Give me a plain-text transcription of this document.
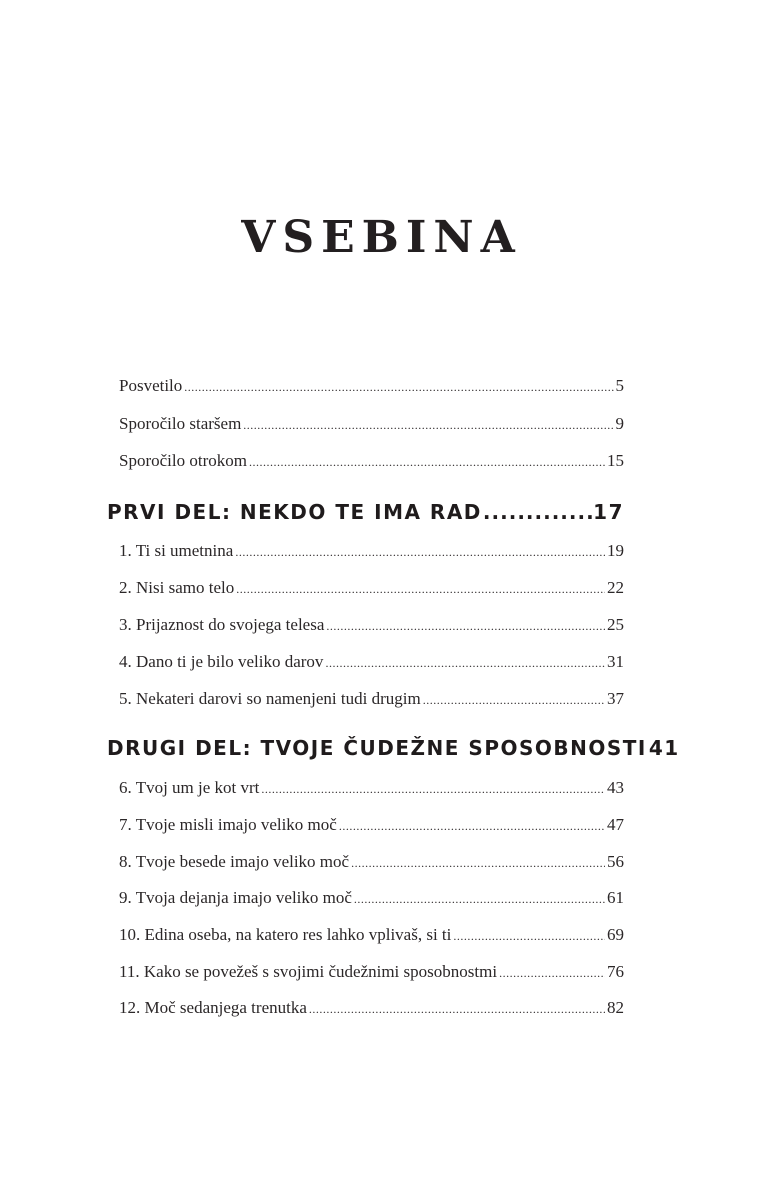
VSEBINA
Posvetilo .....	5
Sporočilo staršem .....	9
Sporočilo otrokom .....	15
PRVI DEL: NEKDO TE IMA RAD .....	17
1. Ti si umetnina .....	19
2. Nisi samo telo .....	22
3. Prijaznost do svojega telesa .....	25
4. Dano ti je bilo veliko darov .....	31
5. Nekateri darovi so namenjeni tudi drugim .....	37
DRUGI DEL: TVOJE ČUDEŽNE SPOSOBNOSTI 41
6. Tvoj um je kot vrt .....	43
7. Tvoje misli imajo veliko moč .....	47
8. Tvoje besede imajo veliko moč .....	56
9. Tvoja dejanja imajo veliko moč .....	61
10. Edina oseba, na katero res lahko vplivaš, si ti .....	69
11. Kako se povežeš s svojimi čudežnimi sposobnostmi .....	76
12. Moč sedanjega trenutka .....	82
